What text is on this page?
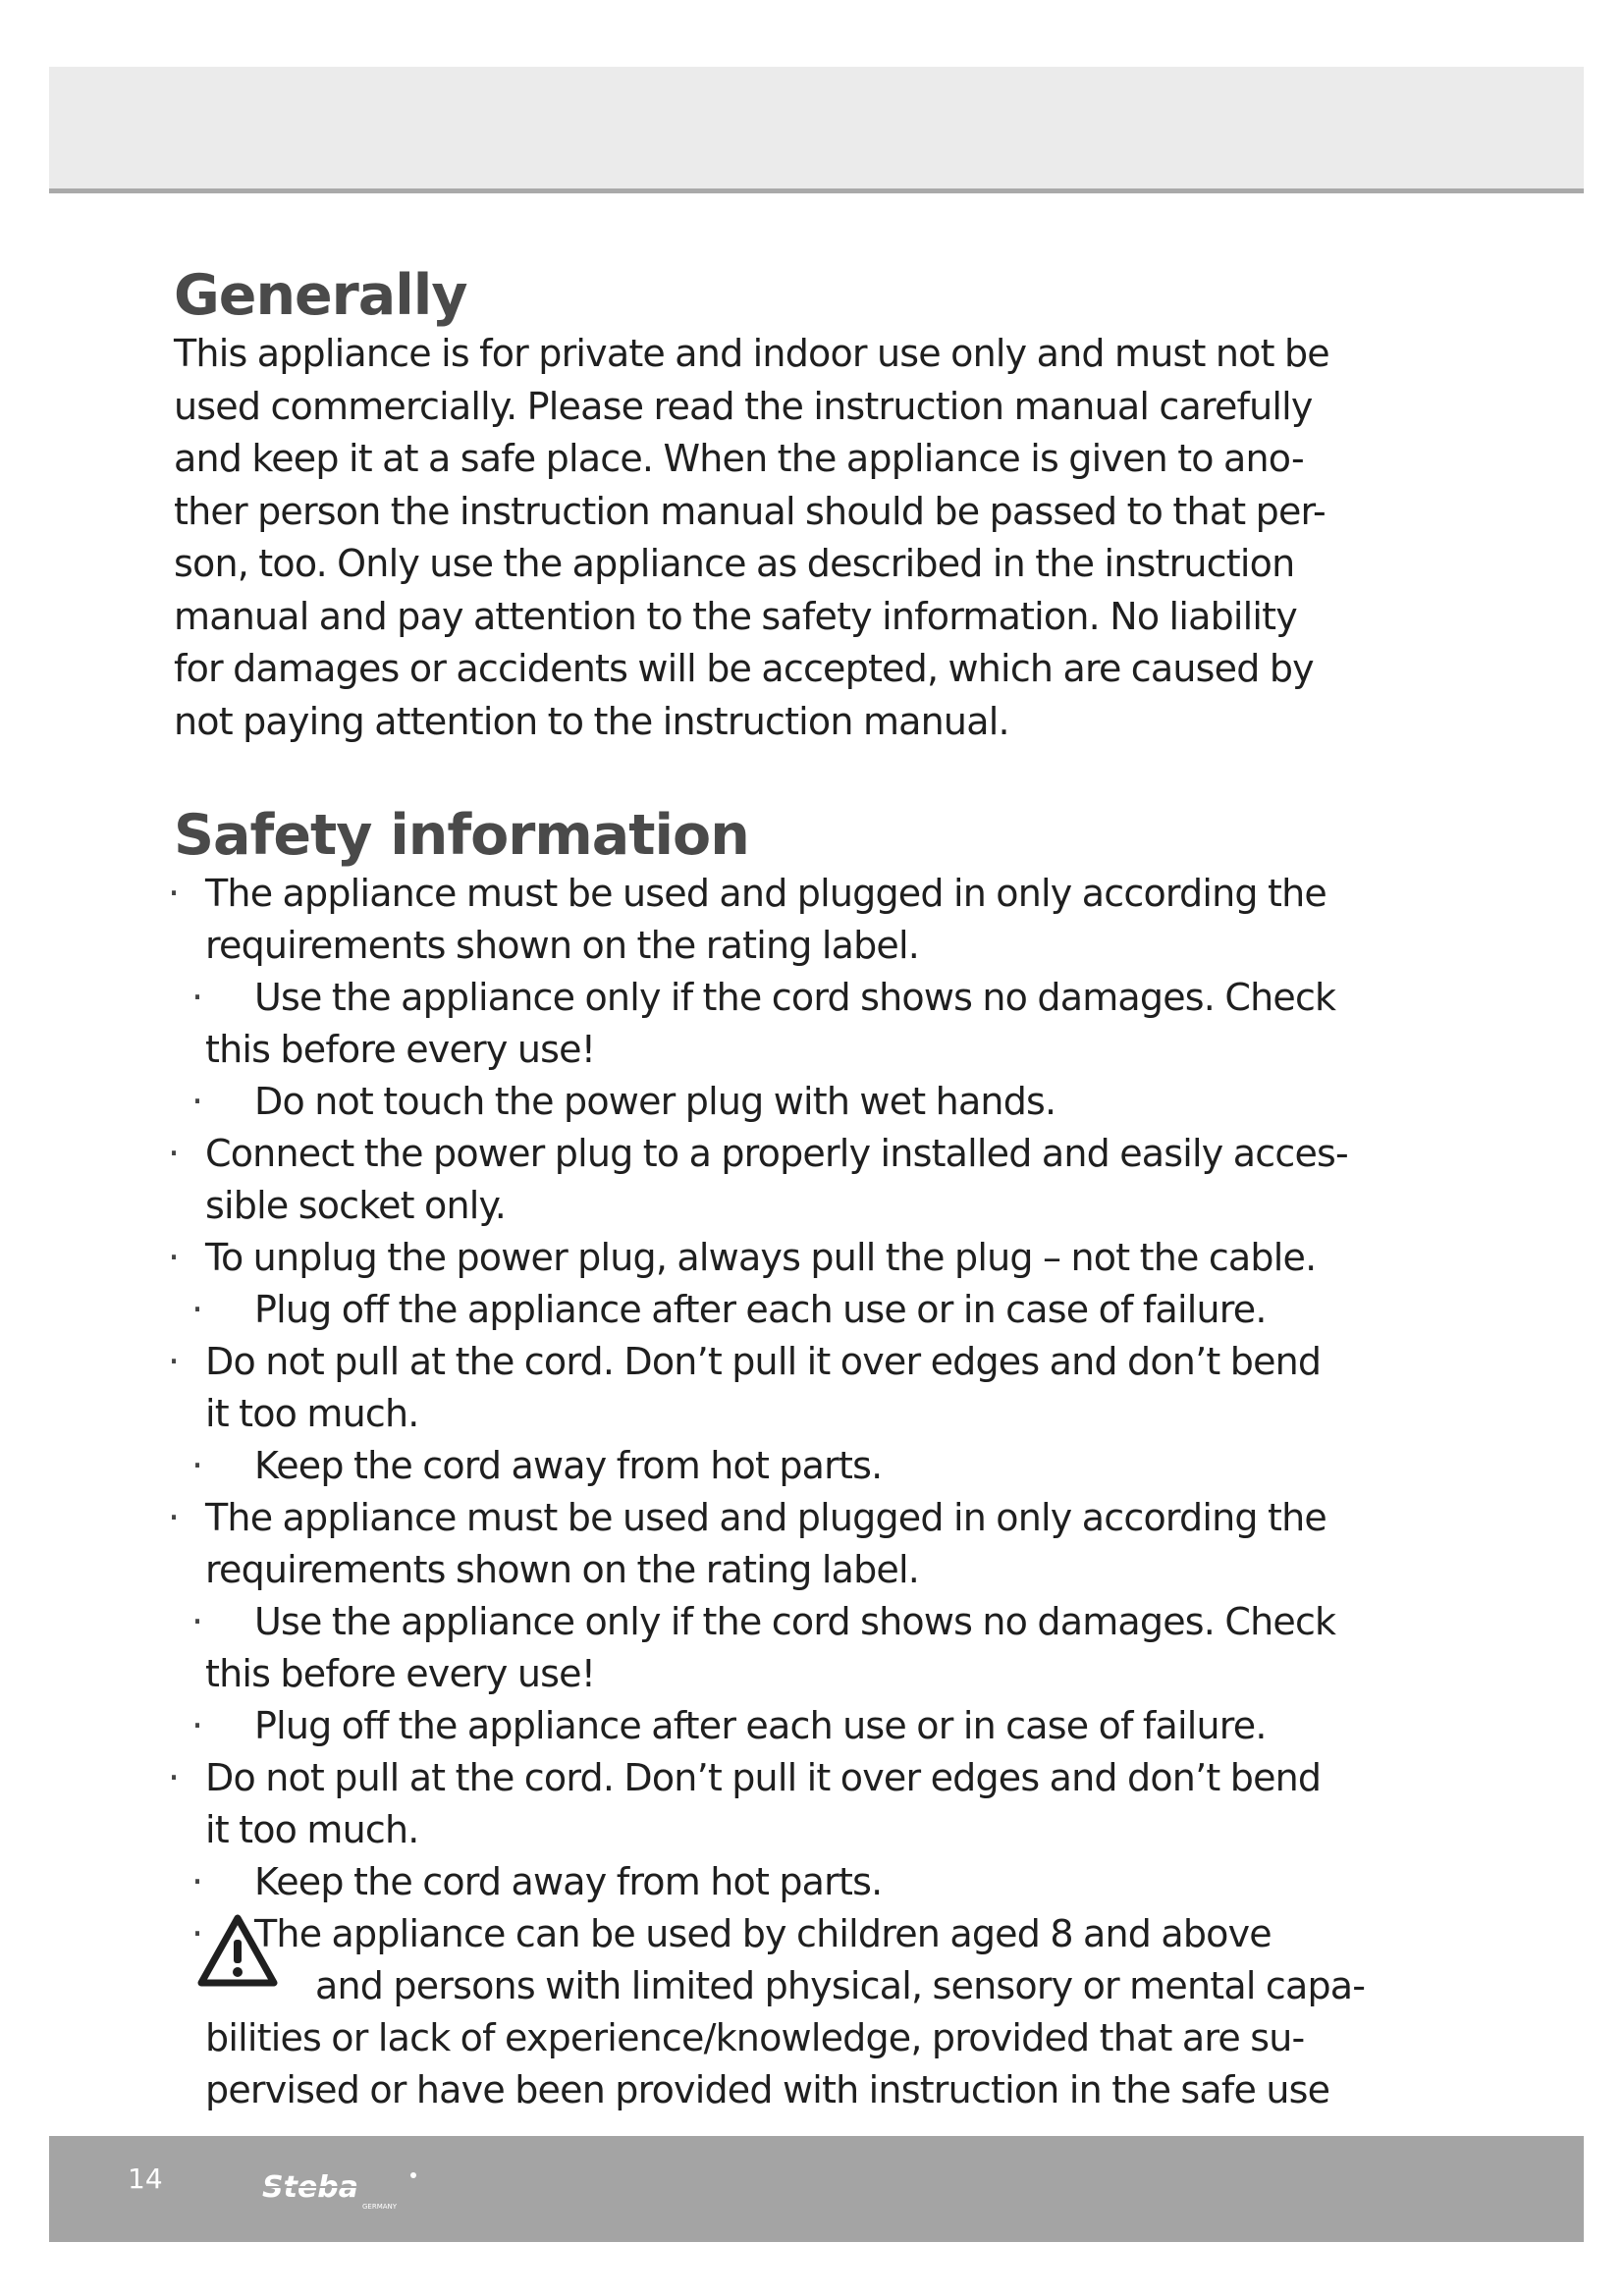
Generally

This appliance is for private and indoor use only and must not be
used commercially. Please read the instruction manual carefully
and keep it at a safe place. When the appliance is given to ano-
ther person the instruction manual should be passed to that per-
son, too. Only use the appliance as described in the instruction
manual and pay attention to the safety information. No liability
for damages or accidents will be accepted, which are caused by
not paying attention to the instruction manual.

Safety information
· The appliance must be used and plugged in only according the
requirements shown on the rating label.
·	Use the appliance only if the cord shows no damages. Check
this before every use!
·	Do not touch the power plug with wet hands.
· Connect the power plug to a properly installed and easily acces-
sible socket only.
· To unplug the power plug, always pull the plug – not the cable.
·	Plug off the appliance after each use or in case of failure.
· Do not pull at the cord. Don’t pull it over edges and don’t bend
it too much.
·	Keep the cord away from hot parts.
· The appliance must be used and plugged in only according the
requirements shown on the rating label.
·	Use the appliance only if the cord shows no damages. Check
this before every use!
·	Plug off the appliance after each use or in case of failure.
· Do not pull at the cord. Don’t pull it over edges and don’t bend
it too much.
·	Keep the cord away from hot parts.
·	The appliance can be used by children aged 8 and above
and persons with limited physical, sensory or mental capa-
bilities or lack of experience/knowledge, provided that are su-
pervised or have been provided with instruction in the safe use
14	Steba
GERMANY
